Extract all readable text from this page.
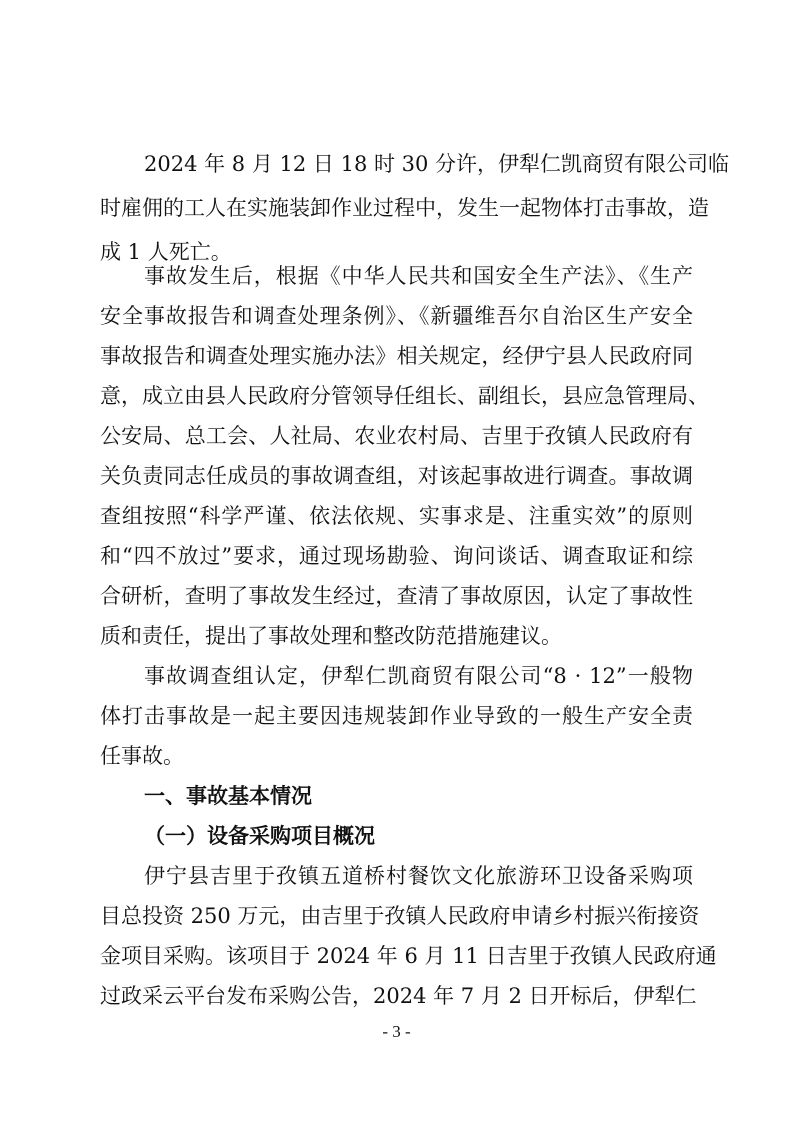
2024 年 8 月 12 日 18 时 30 分许，伊犁仁凯商贸有限公司临
时雇佣的工人在实施装卸作业过程中，发生一起物体打击事故，造
成 1 人死亡。
事故发生后，根据《中华人民共和国安全生产法》、《生产
安全事故报告和调查处理条例》、《新疆维吾尔自治区生产安全
事故报告和调查处理实施办法》相关规定，经伊宁县人民政府同
意，成立由县人民政府分管领导任组长、副组长，县应急管理局、
公安局、总工会、人社局、农业农村局、吉里于孜镇人民政府有
关负责同志任成员的事故调查组，对该起事故进行调查。事故调
查组按照“科学严谨、依法依规、实事求是、注重实效”的原则
和“四不放过”要求，通过现场勘验、询问谈话、调查取证和综
合研析，查明了事故发生经过，查清了事故原因，认定了事故性
质和责任，提出了事故处理和整改防范措施建议。
事故调查组认定，伊犁仁凯商贸有限公司“8 · 12”一般物
体打击事故是一起主要因违规装卸作业导致的一般生产安全责
任事故。
一、事故基本情况
（一）设备采购项目概况
伊宁县吉里于孜镇五道桥村餐饮文化旅游环卫设备采购项
目总投资 250 万元，由吉里于孜镇人民政府申请乡村振兴衔接资
金项目采购。该项目于 2024 年 6 月 11 日吉里于孜镇人民政府通
过政采云平台发布采购公告，2024 年 7 月 2 日开标后，伊犁仁
- 3 -
